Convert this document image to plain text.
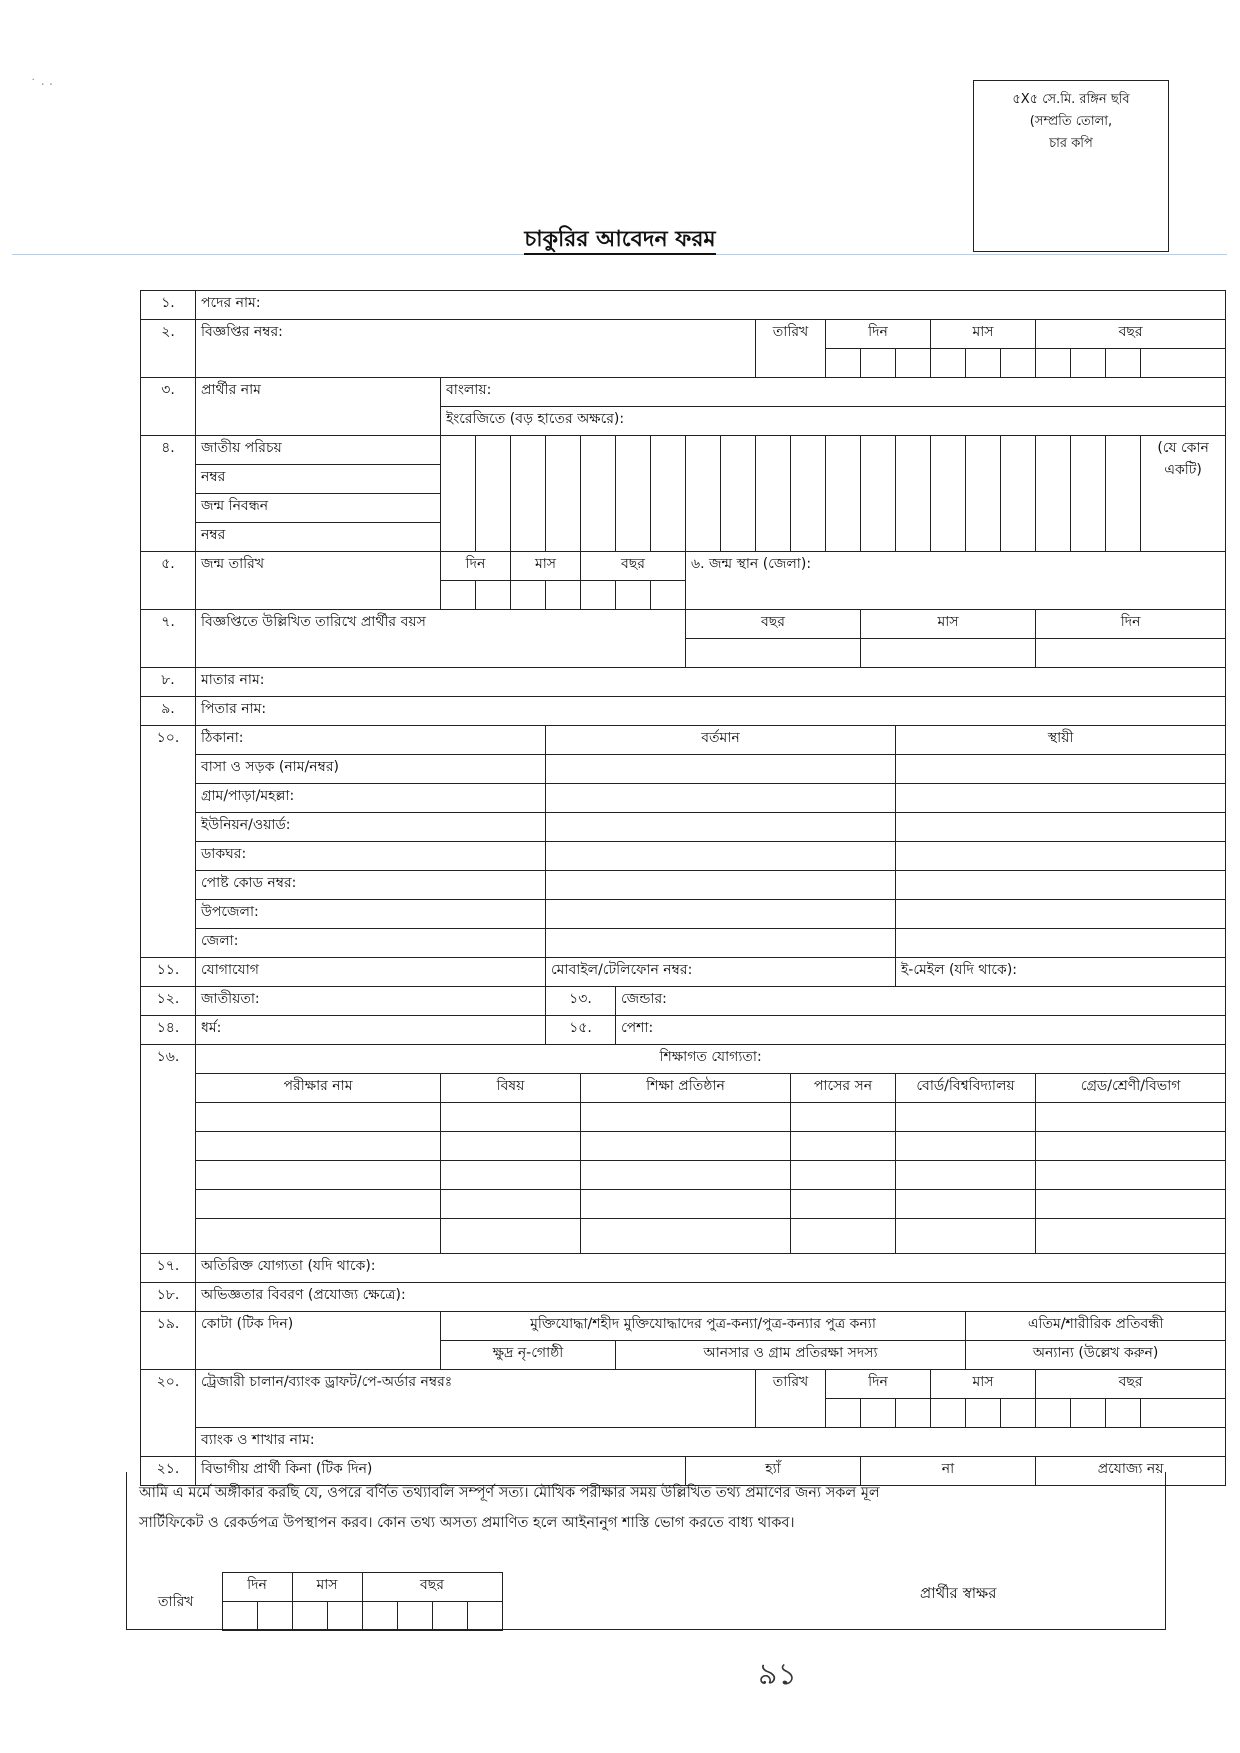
˙ · ·
৫X৫ সে.মি. রঙ্গিন ছবি
(সম্প্রতি তোলা,
চার কপি
চাকুরির আবেদন ফরম
১.	পদের নাম:																					
২.	বিজ্ঞপ্তির নম্বর:										তারিখ		দিন			মাস			বছর			

৩.	প্রার্থীর নাম	বাংলায়:																				
		ইংরেজিতে (বড় হাতের অক্ষরে):																				
৪.	জাতীয় পরিচয়																					(যে কোন
একটি)

	নম্বর																					
	জন্ম নিবন্ধন																					
	নম্বর																					
৫.	জন্ম তারিখ	দিন		মাস		বছর			৬. জন্ম স্থান (জেলা):													

৭.	বিজ্ঞপ্তিতে উল্লিখিত তারিখে প্রার্থীর বয়স								বছর					মাস					দিন			

৮.	মাতার নাম:																					
৯.	পিতার নাম:																					
১০.	ঠিকানা:				বর্তমান										স্থায়ী							
	বাসা ও সড়ক (নাম/নম্বর)																					
	গ্রাম/পাড়া/মহল্লা:																					
	ইউনিয়ন/ওয়ার্ড:																					
	ডাকঘর:																					
	পোষ্ট কোড নম্বর:																					
	উপজেলা:																					
	জেলা:																					
১১.	যোগাযোগ				মোবাইল/টেলিফোন নম্বর:										ই-মেইল (যদি থাকে):							
১২.	জাতীয়তা:				১৩.		জেন্ডার:															
১৪.	ধর্ম:				১৫.		পেশা:															
১৬.	শিক্ষাগত যোগ্যতা:																					
	পরীক্ষার নাম	বিষয়				শিক্ষা প্রতিষ্ঠান						পাসের সন			বোর্ড/বিশ্ববিদ্যালয়				গ্রেড/শ্রেণী/বিভাগ			

১৭.	অতিরিক্ত যোগ্যতা (যদি থাকে):																					
১৮.	অভিজ্ঞতার বিবরণ (প্রযোজ্য ক্ষেত্রে):																					
১৯.	কোটা (টিক দিন)	মুক্তিযোদ্ধা/শহীদ মুক্তিযোদ্ধাদের পুত্র-কন্যা/পুত্র-কন্যার পুত্র কন্যা															এতিম/শারীরিক প্রতিবন্ধী					
		ক্ষুদ্র নৃ-গোষ্ঠী					আনসার ও গ্রাম প্রতিরক্ষা সদস্য										অন্যান্য (উল্লেখ করুন)					
২০.	ট্রেজারী চালান/ব্যাংক ড্রাফট/পে-অর্ডার নম্বরঃ										তারিখ		দিন			মাস			বছর			

	ব্যাংক ও শাখার নাম:																					
২১.	বিভাগীয় প্রার্থী কিনা (টিক দিন)								হ্যাঁ					না					প্রযোজ্য নয়			
আমি এ মর্মে অঙ্গীকার করছি যে, ওপরে বর্ণিত তথ্যাবলি সম্পূর্ণ সত্য। মৌখিক পরীক্ষার সময় উল্লিখিত তথ্য প্রমাণের জন্য সকল মূল
সার্টিফিকেট ও রেকর্ডপত্র উপস্থাপন করব। কোন তথ্য অসত্য প্রমাণিত হলে আইনানুগ শাস্তি ভোগ করতে বাধ্য থাকব।
তারিখ	দিন		মাস		বছর			
								প্রার্থীর স্বাক্ষর
৯১
